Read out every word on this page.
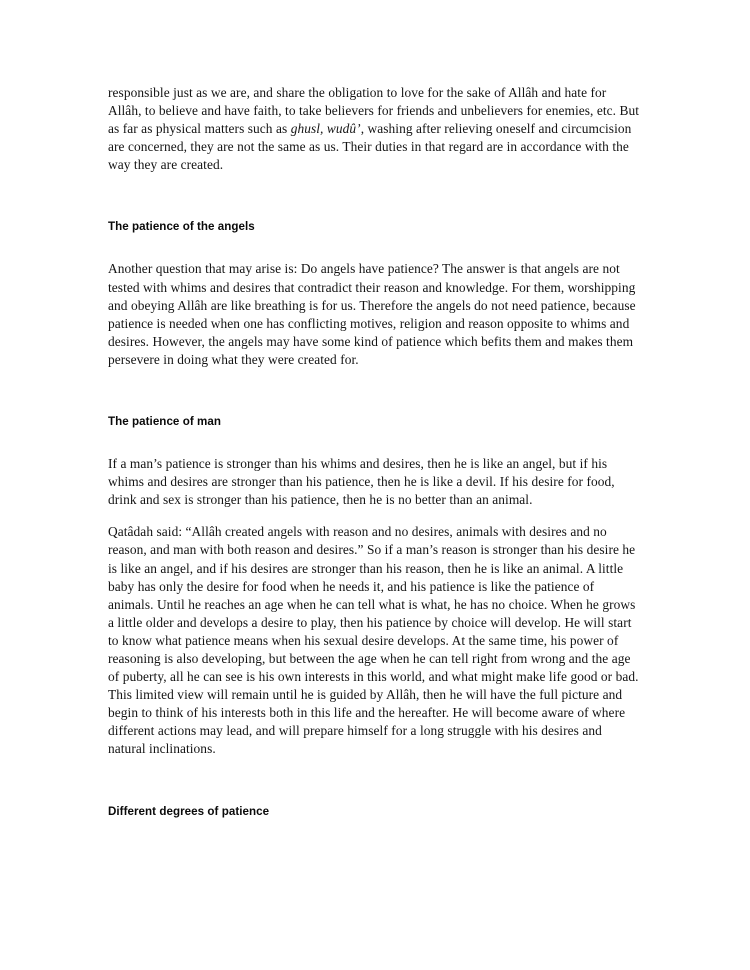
responsible just as we are, and share the obligation to love for the sake of Allâh and hate for Allâh, to believe and have faith, to take believers for friends and unbelievers for enemies, etc. But as far as physical matters such as ghusl, wudû’, washing after relieving oneself and circumcision are concerned, they are not the same as us. Their duties in that regard are in accordance with the way they are created.

The patience of the angels

Another question that may arise is: Do angels have patience? The answer is that angels are not tested with whims and desires that contradict their reason and knowledge. For them, worshipping and obeying Allâh are like breathing is for us. Therefore the angels do not need patience, because patience is needed when one has conflicting motives, religion and reason opposite to whims and desires. However, the angels may have some kind of patience which befits them and makes them persevere in doing what they were created for.

The patience of man

If a man’s patience is stronger than his whims and desires, then he is like an angel, but if his whims and desires are stronger than his patience, then he is like a devil. If his desire for food, drink and sex is stronger than his patience, then he is no better than an animal.

Qatâdah said: “Allâh created angels with reason and no desires, animals with desires and no reason, and man with both reason and desires.” So if a man’s reason is stronger than his desire he is like an angel, and if his desires are stronger than his reason, then he is like an animal. A little baby has only the desire for food when he needs it, and his patience is like the patience of animals. Until he reaches an age when he can tell what is what, he has no choice. When he grows a little older and develops a desire to play, then his patience by choice will develop. He will start to know what patience means when his sexual desire develops. At the same time, his power of reasoning is also developing, but between the age when he can tell right from wrong and the age of puberty, all he can see is his own interests in this world, and what might make life good or bad. This limited view will remain until he is guided by Allâh, then he will have the full picture and begin to think of his interests both in this life and the hereafter. He will become aware of where different actions may lead, and will prepare himself for a long struggle with his desires and natural inclinations.

Different degrees of patience
